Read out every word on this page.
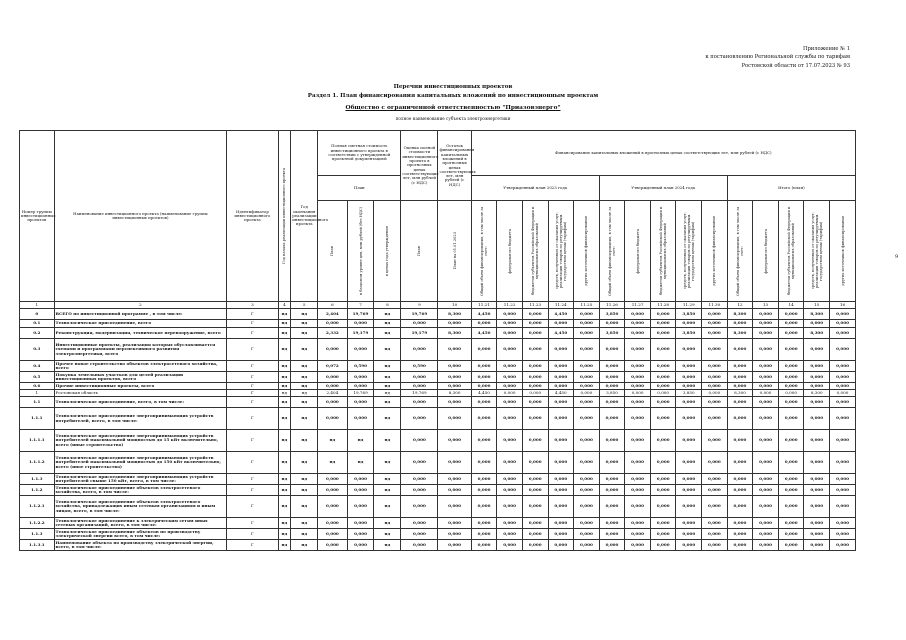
Приложение № 1
к постановлению Региональной службы по тарифам
Ростовской области от 17.07.2023 № 93
Перечни инвестиционных проектов
Раздел 1. План финансирования капитальных вложений по инвестиционным проектам
Общество с ограниченной ответственностью "Приазовэнерго"
полное наименование субъекта электроэнергетики
9
Номер группы инвестиционных проектов	Наименование инвестиционного проекта (наименование группы инвестиционных проектов)	Идентификатор инвестиционного проекта	Год начала реализации инвестиционного проекта	Год окончания реализации инвестиционного проекта	Полная сметная стоимость инвестиционного проекта в соответствии с утвержденной проектной документацией			Оценка полной стоимости инвестиционного проекта в прогнозных ценах соответствующих лет, млн рублей (с НДС)	Остаток финансирования капитальных вложений в прогнозных ценах соответствующих лет, млн рублей (с НДС)	Финансирование капитальных вложений в прогнозных ценах соответствующих лет, млн рублей (с НДС)														
					План					Утвержденный план 2023 года					Утвержденный план 2024 года					Итого (план)				

					План	в базисном уровне цен, млн рублей (без НДС)	в ценах года утверждения	План	План на 01.01.2023	Общий объем финансирования, в том числе за счет:	федерального бюджета	бюджетов субъектов Российской Федерации и муниципальных образований	средств, полученных от оказания услуг, реализации товаров по регулируемым государством ценам (тарифам)	других источников финансирования	Общий объем финансирования, в том числе за счет:	федерального бюджета	бюджетов субъектов Российской Федерации и муниципальных образований	средств, полученных от оказания услуг, реализации товаров по регулируемым государством ценам (тарифам)	других источников финансирования	Общий объем финансирования, в том числе за счет:	федерального бюджета	бюджетов субъектов Российской Федерации и муниципальных образований	средств, полученных от оказания услуг, реализации товаров по регулируемым государством ценам (тарифам)	других источников финансирования

1	2	3	4	5	6	7	8	9	10	11.21	11.22	11.23	11.24	11.25	11.26	11.27	11.28	11.29	11.30	12	13	14	15	16
0	ВСЕГО по инвестиционной программе , в том числе:	Г	нд	нд	2,404	19,769	нд	19,769	8,300	4,450	0,000	0,000	4,450	0,000	3,850	0,000	0,000	3,850	0,000	8,300	0,000	0,000	8,300	0,000
0.1	Технологическое присоединение, всего	Г	нд	нд	0,000	0,000	нд	0,000	0,000	0,000	0,000	0,000	0,000	0,000	0,000	0,000	0,000	0,000	0,000	0,000	0,000	0,000	0,000	0,000
0.2	Реконструкция, модернизация, техническое перевооружение, всего	Г	нд	нд	2,332	19,179	нд	19,179	8,300	4,450	0,000	0,000	4,450	0,000	3,850	0,000	0,000	3,850	0,000	8,300	0,000	0,000	8,300	0,000
0.3	Инвестиционные проекты, реализация которых обуславливается схемами и программами перспективного развития электроэнергетики, всего	Г	нд	нд	0,000	0,000	нд	0,000	0,000	0,000	0,000	0,000	0,000	0,000	0,000	0,000	0,000	0,000	0,000	0,000	0,000	0,000	0,000	0,000
0.4	Прочее новое строительство объектов электросетевого хозяйства, всего	Г	нд	нд	0,072	0,590	нд	0,590	0,000	0,000	0,000	0,000	0,000	0,000	0,000	0,000	0,000	0,000	0,000	0,000	0,000	0,000	0,000	0,000
0.5	Покупка земельных участков для целей реализации инвестиционных проектов, всего	Г	нд	нд	0,000	0,000	нд	0,000	0,000	0,000	0,000	0,000	0,000	0,000	0,000	0,000	0,000	0,000	0,000	0,000	0,000	0,000	0,000	0,000
0.6	Прочие инвестиционные проекты, всего	Г	нд	нд	0,000	0,000	нд	0,000	0,000	0,000	0,000	0,000	0,000	0,000	0,000	0,000	0,000	0,000	0,000	0,000	0,000	0,000	0,000	0,000
1	Ростовская область	Г	нд	нд	2,404	19,769	нд	19,769	8,300	4,450	0,000	0,000	4,450	0,000	3,850	0,000	0,000	3,850	0,000	8,300	0,000	0,000	8,300	0,000
1.1	Технологическое присоединение, всего, в том числе:	Г	нд	нд	0,000	0,000	нд	0,000	0,000	0,000	0,000	0,000	0,000	0,000	0,000	0,000	0,000	0,000	0,000	0,000	0,000	0,000	0,000	0,000
1.1.1	Технологическое присоединение энергопринимающих устройств потребителей, всего, в том числе:	Г	нд	нд	0,000	0,000	нд	0,000	0,000	0,000	0,000	0,000	0,000	0,000	0,000	0,000	0,000	0,000	0,000	0,000	0,000	0,000	0,000	0,000
1.1.1.1	Технологическое присоединение энергопринимающих устройств потребителей максимальной мощностью до 15 кВт включительно, всего (иные строительство)	Г	нд	нд	нд	нд	нд	0,000	0,000	0,000	0,000	0,000	0,000	0,000	0,000	0,000	0,000	0,000	0,000	0,000	0,000	0,000	0,000	0,000
1.1.1.2	Технологическое присоединение энергопринимающих устройств потребителей максимальной мощностью до 150 кВт включительно, всего (иное строительство)	Г	нд	нд	нд	нд	нд	0,000	0,000	0,000	0,000	0,000	0,000	0,000	0,000	0,000	0,000	0,000	0,000	0,000	0,000	0,000	0,000	0,000
1.1.3	Технологическое присоединение энергопринимающих устройств потребителей свыше 150 кВт, всего, в том числе:	Г	нд	нд	0,000	0,000	нд	0,000	0,000	0,000	0,000	0,000	0,000	0,000	0,000	0,000	0,000	0,000	0,000	0,000	0,000	0,000	0,000	0,000
1.1.2	Технологическое присоединение объектов электросетевого хозяйства, всего, в том числе:	Г	нд	нд	0,000	0,000	нд	0,000	0,000	0,000	0,000	0,000	0,000	0,000	0,000	0,000	0,000	0,000	0,000	0,000	0,000	0,000	0,000	0,000
1.1.2.1	Технологическое присоединение объектов электросетевого хозяйства, принадлежащих иным сетевым организациям и иным лицам, всего, в том числе:	Г	нд	нд	0,000	0,000	нд	0,000	0,000	0,000	0,000	0,000	0,000	0,000	0,000	0,000	0,000	0,000	0,000	0,000	0,000	0,000	0,000	0,000
1.1.2.2	Технологическое присоединение к электрическим сетям иных сетевых организаций, всего, в том числе:	Г	нд	нд	0,000	0,000	нд	0,000	0,000	0,000	0,000	0,000	0,000	0,000	0,000	0,000	0,000	0,000	0,000	0,000	0,000	0,000	0,000	0,000
1.1.3	Технологическое присоединение объектов по производству электрической энергии всего, в том числе:	Г	нд	нд	0,000	0,000	нд	0,000	0,000	0,000	0,000	0,000	0,000	0,000	0,000	0,000	0,000	0,000	0,000	0,000	0,000	0,000	0,000	0,000
1.1.3.1	Наименование объекта по производству электрической энергии, всего, в том числе:	Г	нд	нд	0,000	0,000	нд	0,000	0,000	0,000	0,000	0,000	0,000	0,000	0,000	0,000	0,000	0,000	0,000	0,000	0,000	0,000	0,000	0,000
